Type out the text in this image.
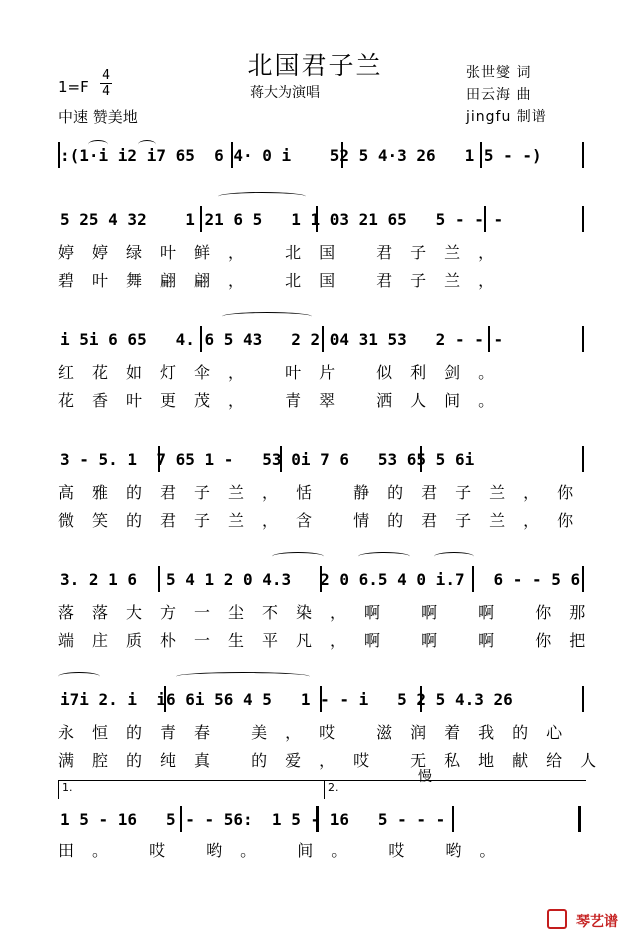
北国君子兰
蒋大为演唱
张世燮 词
田云海 曲
jingfu 制谱
1=F
4
4
中速 赞美地

:(1·i i2 i7 65  6 4· 0 i    52 5 4·3 26   1 5 - -)

5 25 4 32    1 21 6 5   1 1 03 21 65   5 - - -

婷婷绿叶鲜， 北国 君子兰，
碧叶舞翩翩， 北国 君子兰，

i 5i 6 65   4. 6 5 43   2 2 04 31 53   2 - - -

红花如灯伞， 叶片 似利剑。
花香叶更茂， 青翠 洒人间。

3 - 5. 1  7 65 1 -   53 0i 7 6   53 65 5 6i

高雅的君子兰，恬 静的君子兰，你
微笑的君子兰，含 情的君子兰，你

3. 2 1 6   5 4 1 2 0 4.3   2 0 6.5 4 0 i.7   6 - - 5 6

落落大方一尘不染，啊 啊 啊 你那
端庄质朴一生平凡，啊 啊 啊 你把

i7i 2. i  i6 6i 56 4 5   1 - - i   5 2 5 4.3 26

永恒的青春 美，哎 滋润着我的心
满腔的纯真 的爱，哎 无私地献给人
1.	2.
慢

1 5 - 16   5 - - 56:  1 5 - 16   5 - - -

田。 哎 哟。 间。 哎 哟。
琴艺谱
